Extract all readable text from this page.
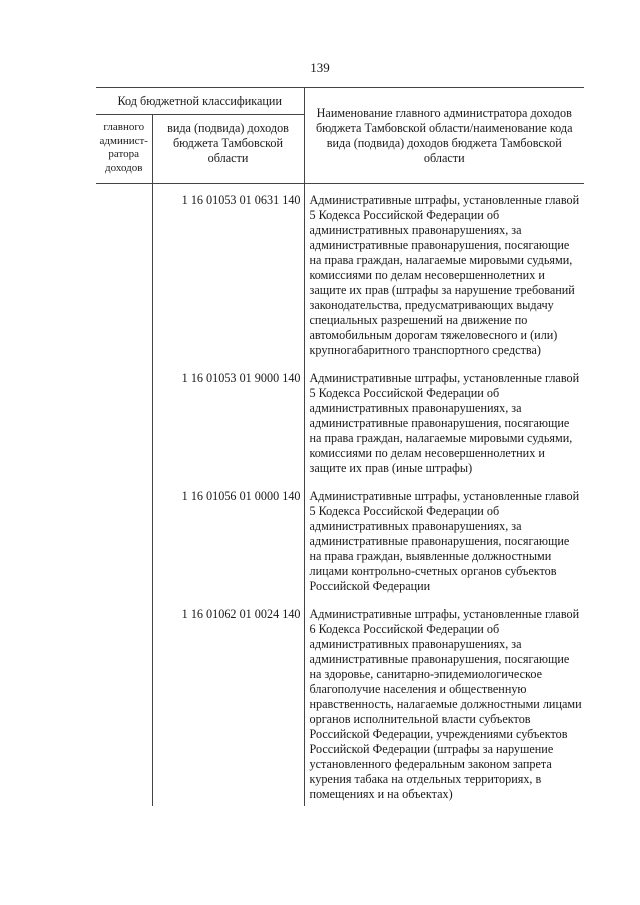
139
Код бюджетной классификации		Наименование главного администратора доходов бюджета Тамбовской области/наименование кода вида (подвида) доходов бюджета Тамбовской области
главного админист-ратора доходов	вида (подвида) доходов бюджета Тамбовской области	
	1 16 01053 01 0631 140	Административные штрафы, установленные главой 5 Кодекса Российской Федерации об административных правонарушениях, за административные правонарушения, посягающие на права граждан, налагаемые мировыми судьями, комиссиями по делам несовершеннолетних и защите их прав (штрафы за нарушение требований законодательства, предусматривающих выдачу специальных разрешений на движение по автомобильным дорогам тяжеловесного и (или) крупногабаритного транспортного средства)
	1 16 01053 01 9000 140	Административные штрафы, установленные главой 5 Кодекса Российской Федерации об административных правонарушениях, за административные правонарушения, посягающие на права граждан, налагаемые мировыми судьями, комиссиями по делам несовершеннолетних и защите их прав (иные штрафы)
	1 16 01056 01 0000 140	Административные штрафы, установленные главой 5 Кодекса Российской Федерации об административных правонарушениях, за административные правонарушения, посягающие на права граждан, выявленные должностными лицами контрольно-счетных органов субъектов Российской Федерации
	1 16 01062 01 0024 140	Административные штрафы, установленные главой 6 Кодекса Российской Федерации об административных правонарушениях, за административные правонарушения, посягающие на здоровье, санитарно-эпидемиологическое благополучие населения и общественную нравственность, налагаемые должностными лицами органов исполнительной власти субъектов Российской Федерации, учреждениями субъектов Российской Федерации (штрафы за нарушение установленного федеральным законом запрета курения табака на отдельных территориях, в помещениях и на объектах)
